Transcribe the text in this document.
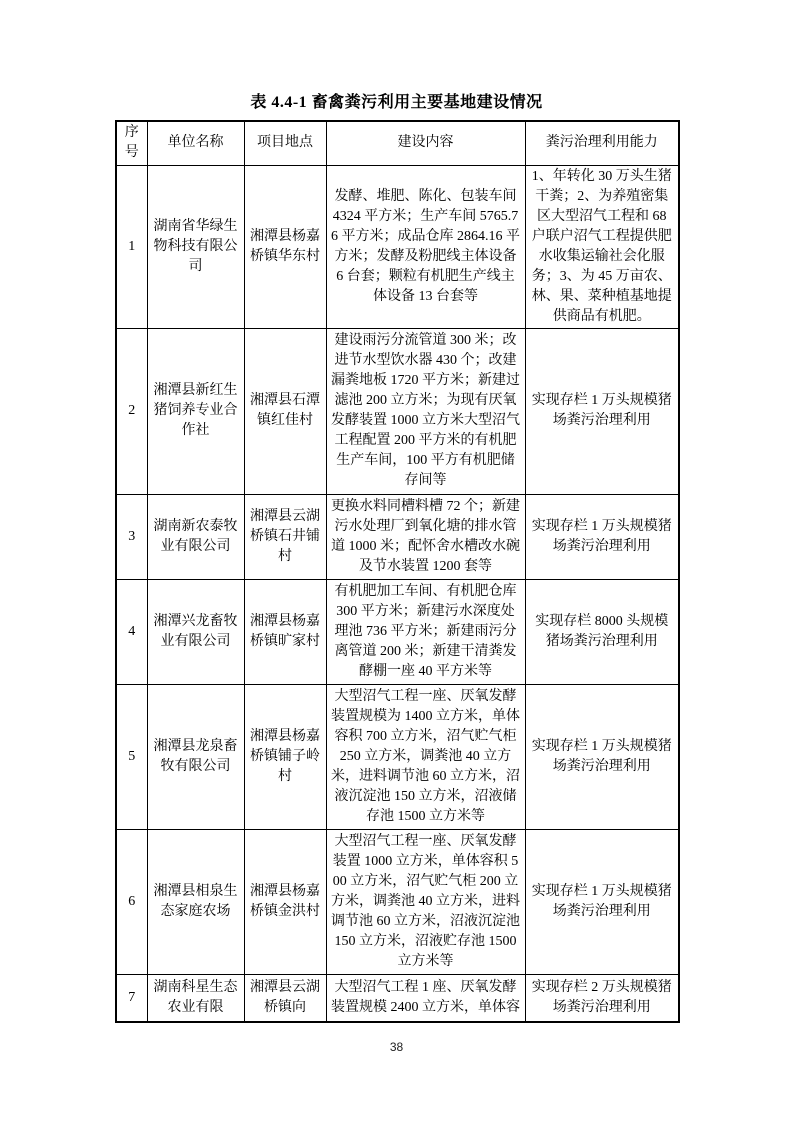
表 4.4-1 畜禽粪污利用主要基地建设情况
序号	单位名称	项目地点	建设内容	粪污治理利用能力
1	湖南省华绿生物科技有限公司	湘潭县杨嘉桥镇华东村	发酵、堆肥、陈化、包装车间 4324 平方米；生产车间 5765.76 平方米；成品仓库 2864.16 平方米；发酵及粉肥线主体设备 6 台套；颗粒有机肥生产线主体设备 13 台套等	1、年转化 30 万头生猪干粪；2、为养殖密集区大型沼气工程和 68 户联户沼气工程提供肥水收集运输社会化服务；3、为 45 万亩农、林、果、菜种植基地提供商品有机肥。
2	湘潭县新红生猪饲养专业合作社	湘潭县石潭镇红佳村	建设雨污分流管道 300 米；改进节水型饮水器 430 个；改建漏粪地板 1720 平方米；新建过滤池 200 立方米；为现有厌氧发酵装置 1000 立方米大型沼气工程配置 200 平方米的有机肥生产车间，100 平方有机肥储存间等	实现存栏 1 万头规模猪场粪污治理利用
3	湖南新农泰牧业有限公司	湘潭县云湖桥镇石井铺村	更换水料同槽料槽 72 个；新建污水处理厂到氧化塘的排水管道 1000 米；配怀舍水槽改水碗及节水装置 1200 套等	实现存栏 1 万头规模猪场粪污治理利用
4	湘潭兴龙畜牧业有限公司	湘潭县杨嘉桥镇旷家村	有机肥加工车间、有机肥仓库 300 平方米；新建污水深度处理池 736 平方米；新建雨污分离管道 200 米；新建干清粪发酵棚一座 40 平方米等	实现存栏 8000 头规模猪场粪污治理利用
5	湘潭县龙泉畜牧有限公司	湘潭县杨嘉桥镇铺子岭村	大型沼气工程一座、厌氧发酵装置规模为 1400 立方米，单体容积 700 立方米，沼气贮气柜 250 立方米，调粪池 40 立方米，进料调节池 60 立方米，沼液沉淀池 150 立方米，沼液储存池 1500 立方米等	实现存栏 1 万头规模猪场粪污治理利用
6	湘潭县相泉生态家庭农场	湘潭县杨嘉桥镇金洪村	大型沼气工程一座、厌氧发酵装置 1000 立方米，单体容积 500 立方米，沼气贮气柜 200 立方米，调粪池 40 立方米，进料调节池 60 立方米，沼液沉淀池 150 立方米，沼液贮存池 1500 立方米等	实现存栏 1 万头规模猪场粪污治理利用
7	湖南科星生态农业有限	湘潭县云湖桥镇向	大型沼气工程 1 座、厌氧发酵装置规模 2400 立方米，单体容	实现存栏 2 万头规模猪场粪污治理利用
38
